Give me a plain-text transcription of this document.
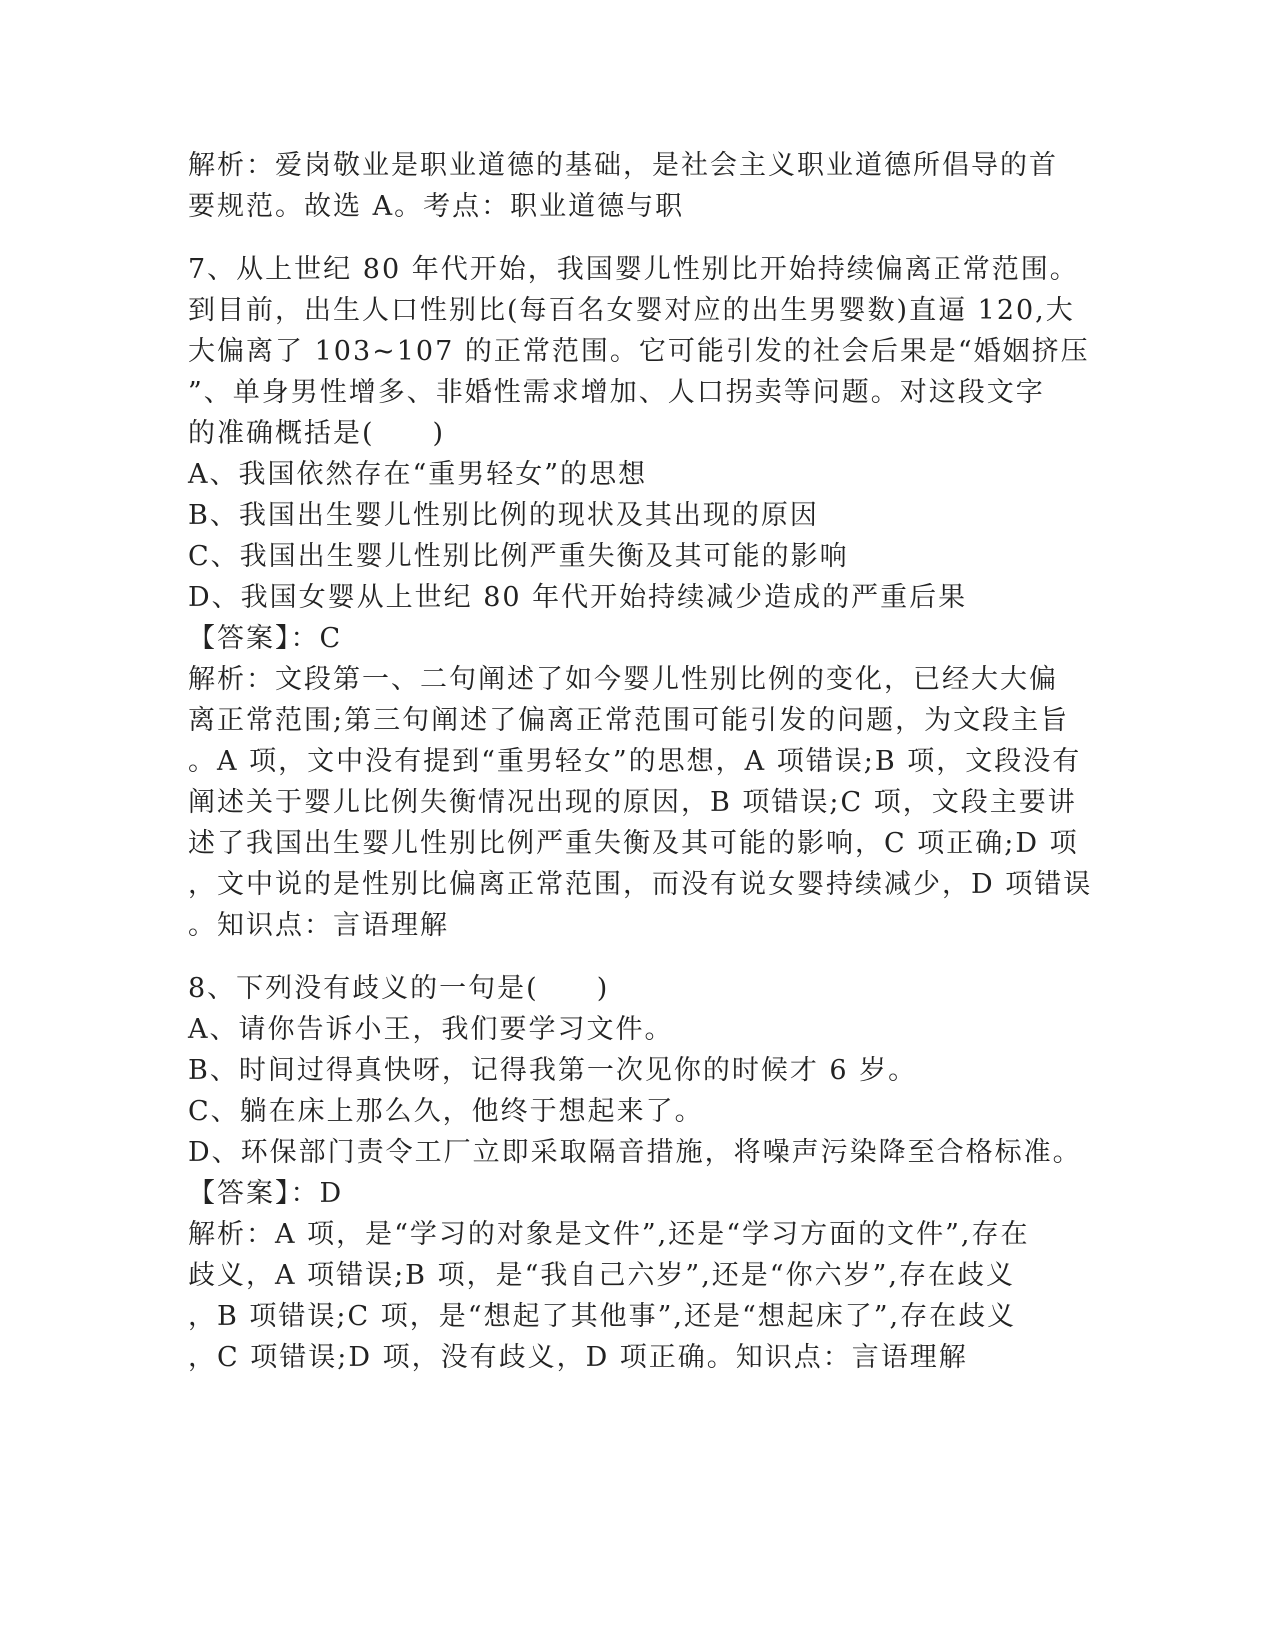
解析：爱岗敬业是职业道德的基础，是社会主义职业道德所倡导的首
要规范。故选 A。考点：职业道德与职
7、从上世纪 80 年代开始，我国婴儿性别比开始持续偏离正常范围。
到目前，出生人口性别比(每百名女婴对应的出生男婴数)直逼 120,大
大偏离了 103~107 的正常范围。它可能引发的社会后果是“婚姻挤压
”、单身男性增多、非婚性需求增加、人口拐卖等问题。对这段文字
的准确概括是(　　)
A、我国依然存在“重男轻女”的思想
B、我国出生婴儿性别比例的现状及其出现的原因
C、我国出生婴儿性别比例严重失衡及其可能的影响
D、我国女婴从上世纪 80 年代开始持续减少造成的严重后果
【答案】：C
解析：文段第一、二句阐述了如今婴儿性别比例的变化，已经大大偏
离正常范围;第三句阐述了偏离正常范围可能引发的问题，为文段主旨
。A 项，文中没有提到“重男轻女”的思想，A 项错误;B 项，文段没有
阐述关于婴儿比例失衡情况出现的原因，B 项错误;C 项，文段主要讲
述了我国出生婴儿性别比例严重失衡及其可能的影响，C 项正确;D 项
，文中说的是性别比偏离正常范围，而没有说女婴持续减少，D 项错误
。知识点：言语理解
8、下列没有歧义的一句是(　　)
A、请你告诉小王，我们要学习文件。
B、时间过得真快呀，记得我第一次见你的时候才 6 岁。
C、躺在床上那么久，他终于想起来了。
D、环保部门责令工厂立即采取隔音措施，将噪声污染降至合格标准。
【答案】：D
解析：A 项，是“学习的对象是文件”,还是“学习方面的文件”,存在
歧义，A 项错误;B 项，是“我自己六岁”,还是“你六岁”,存在歧义
，B 项错误;C 项，是“想起了其他事”,还是“想起床了”,存在歧义
，C 项错误;D 项，没有歧义，D 项正确。知识点：言语理解
